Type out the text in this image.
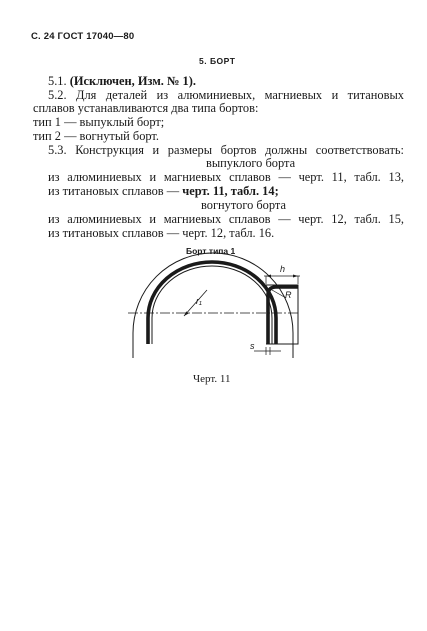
С. 24 ГОСТ 17040—80
5. БОРТ
5.1. (Исключен, Изм. № 1).
5.2. Для деталей из алюминиевых, магниевых и титановых
сплавов устанавливаются два типа бортов:
тип 1 — выпуклый борт;
тип 2 — вогнутый борт.
5.3. Конструкция и размеры бортов должны соответствовать:
выпуклого борта
из алюминиевых и магниевых сплавов — черт. 11, табл. 13,
из титановых сплавов — черт. 11, табл. 14;
вогнутого борта
из алюминиевых и магниевых сплавов — черт. 12, табл. 15,
из титановых сплавов — черт. 12, табл. 16.
Борт типа 1
r₁
h
R
s
Черт. 11
